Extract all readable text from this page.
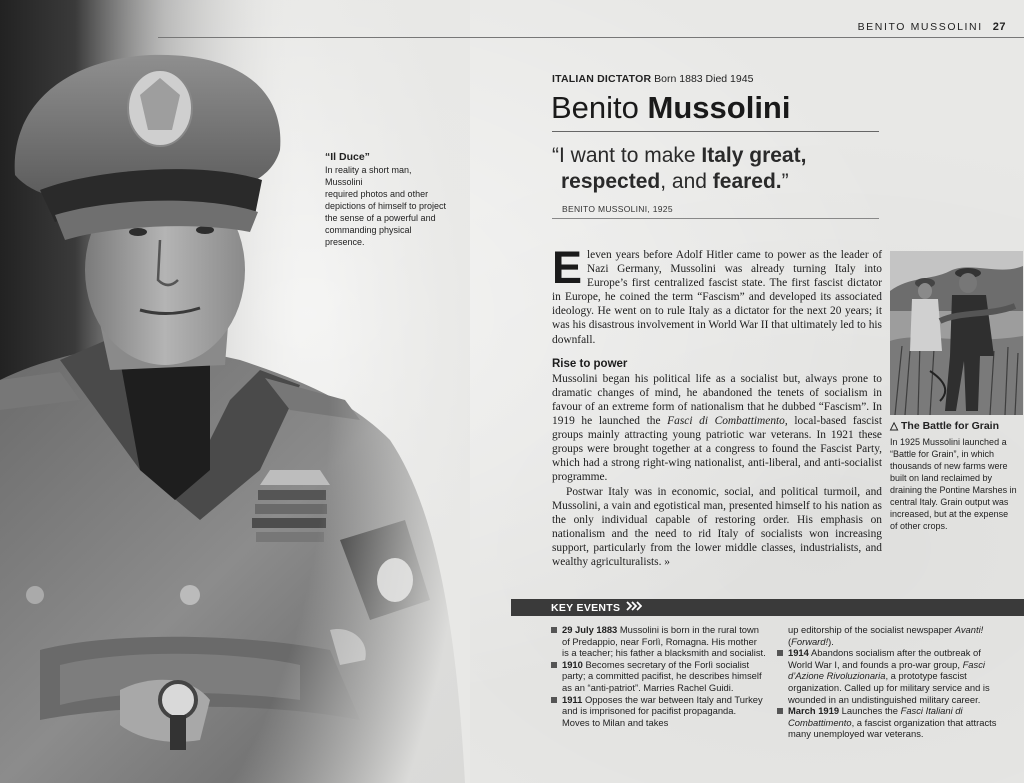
BENITO MUSSOLINI 27
“Il Duce”
In reality a short man, Mussolini
required photos and other
depictions of himself to project
the sense of a powerful and
commanding physical presence.
ITALIAN DICTATOR Born 1883 Died 1945
Benito Mussolini
“I want to make Italy great,
respected, and feared.”
BENITO MUSSOLINI, 1925

Eleven years before Adolf Hitler came to power as the leader of Nazi Germany, Mussolini was already turning Italy into Europe’s first centralized fascist state. The first fascist dictator in Europe, he coined the term “Fascism” and developed its associated ideology. He went on to rule Italy as a dictator for the next 20 years; it was his disastrous involvement in World War II that ultimately led to his downfall.

Rise to power

Mussolini began his political life as a socialist but, always prone to dramatic changes of mind, he abandoned the tenets of socialism in favour of an extreme form of nationalism that he dubbed “Fascism”. In 1919 he launched the Fasci di Combattimento, local-based fascist groups mainly attracting young patriotic war veterans. In 1921 these groups were brought together at a congress to found the Fascist Party, which had a strong right-wing nationalist, anti-liberal, and anti-socialist programme.

Postwar Italy was in economic, social, and political turmoil, and Mussolini, a vain and egotistical man, presented himself to his nation as the only individual capable of restoring order. His emphasis on nationalism and the need to rid Italy of socialists won increasing support, particularly from the lower middle classes, industrialists, and wealthy agriculturalists. »

△ The Battle for Grain
In 1925 Mussolini launched a “Battle for Grain”, in which thousands of new farms were built on land reclaimed by draining the Pontine Marshes in central Italy. Grain output was increased, but at the expense of other crops.
KEY EVENTS
29 July 1883 Mussolini is born in the rural town of Predappio, near Forlì, Romagna. His mother is a teacher; his father a blacksmith and socialist.
1910 Becomes secretary of the Forlì socialist party; a committed pacifist, he describes himself as an “anti-patriot”. Marries Rachel Guidi.
1911 Opposes the war between Italy and Turkey and is imprisoned for pacifist propaganda. Moves to Milan and takes
up editorship of the socialist newspaper Avanti! (Forward!).
1914 Abandons socialism after the outbreak of World War I, and founds a pro-war group, Fasci d’Azione Rivoluzionaria, a prototype fascist organization. Called up for military service and is wounded in an undistinguished military career.
March 1919 Launches the Fasci Italiani di Combattimento, a fascist organization that attracts many unemployed war veterans.
